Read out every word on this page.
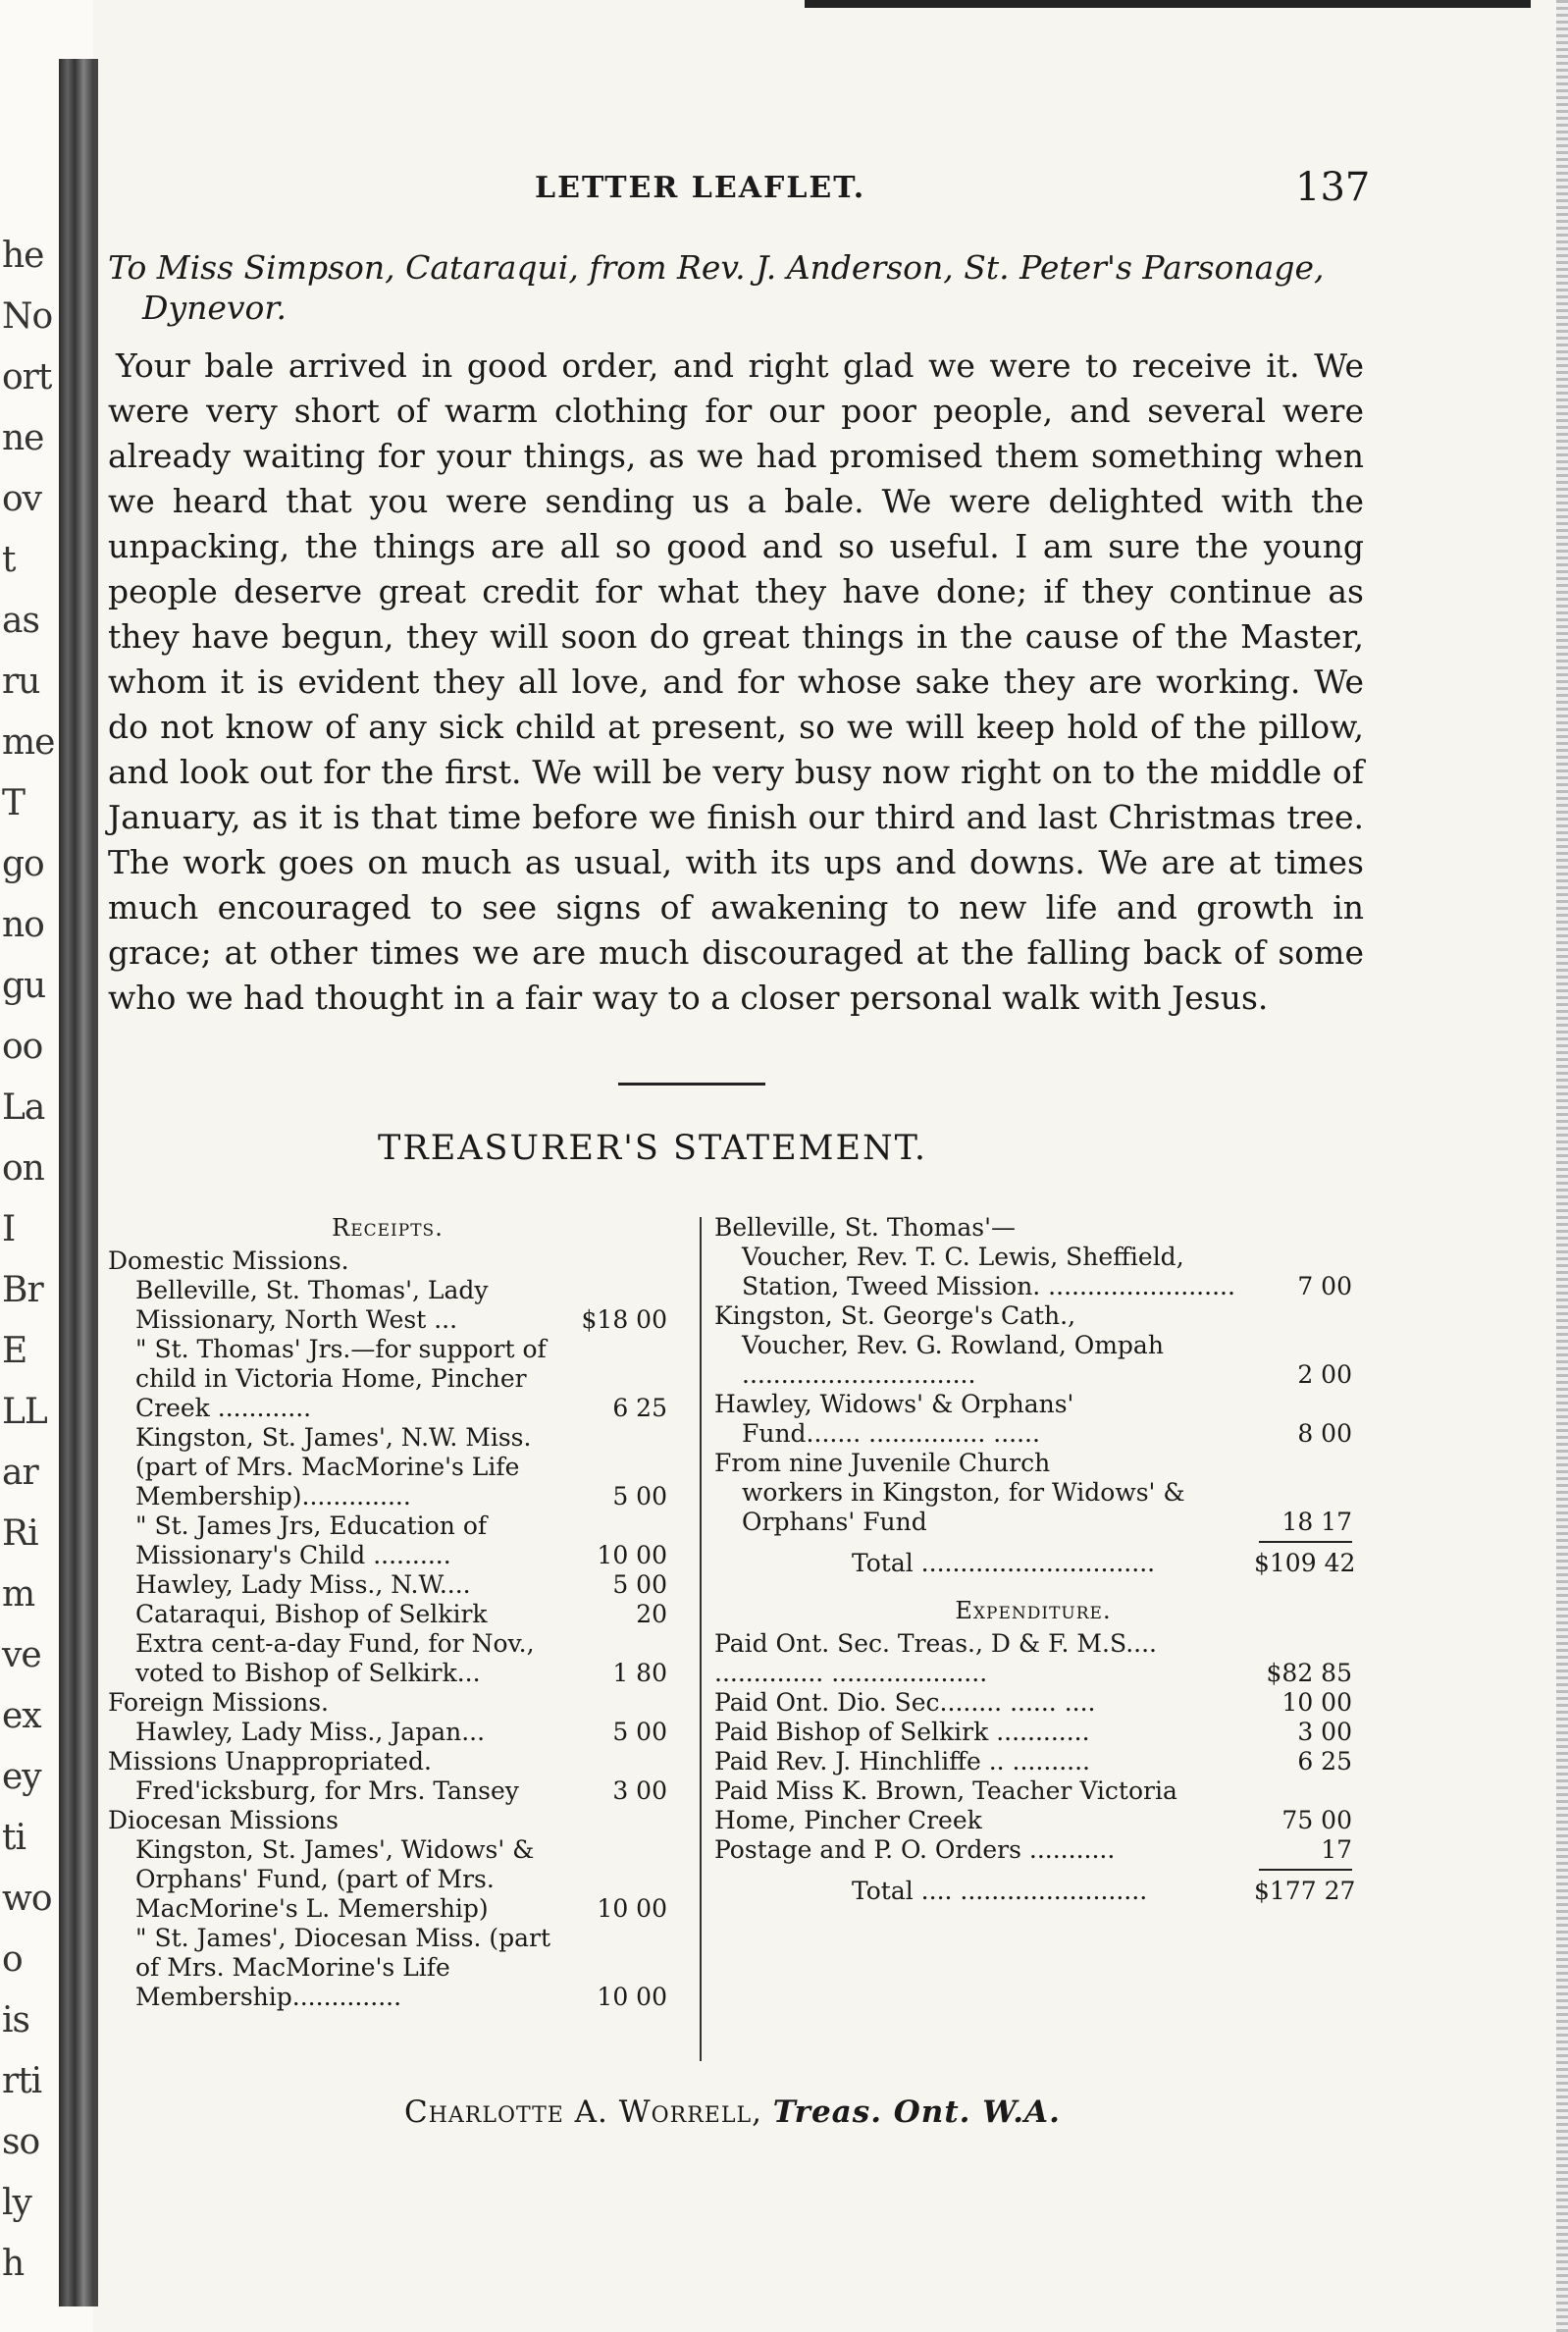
he
No
ort
ne
ov
t
as
ru
me
T
go
no
gu
oo
La
on
I
Br
E
LL
ar
Ri
m
ve
ex
ey
ti
wo
o
is
rti
so
ly
h
LETTER LEAFLET.	137

To Miss Simpson, Cataraqui, from Rev. J. Anderson, St. Peter's Parsonage, Dynevor.

Your bale arrived in good order, and right glad we were to receive it. We were very short of warm clothing for our poor people, and several were already waiting for your things, as we had promised them something when we heard that you were sending us a bale. We were delighted with the unpacking, the things are all so good and so useful. I am sure the young people deserve great credit for what they have done; if they continue as they have begun, they will soon do great things in the cause of the Master, whom it is evident they all love, and for whose sake they are working. We do not know of any sick child at present, so we will keep hold of the pillow, and look out for the first. We will be very busy now right on to the middle of January, as it is that time before we finish our third and last Christmas tree. The work goes on much as usual, with its ups and downs. We are at times much encouraged to see signs of awakening to new life and growth in grace; at other times we are much discouraged at the falling back of some who we had thought in a fair way to a closer personal walk with Jesus.

TREASURER'S STATEMENT.
Receipts.

Domestic Missions.

Belleville, St. Thomas', Lady Missionary, North West ...	$18 00

" St. Thomas' Jrs.—for support of child in Victoria Home, Pincher Creek ............	6 25

Kingston, St. James', N.W. Miss. (part of Mrs. MacMorine's Life Membership)..............	5 00

" St. James Jrs, Education of Missionary's Child ..........	10 00

Hawley, Lady Miss., N.W....	5 00

Cataraqui, Bishop of Selkirk	20

Extra cent-a-day Fund, for Nov., voted to Bishop of Selkirk...	1 80

Foreign Missions.

Hawley, Lady Miss., Japan...	5 00

Missions Unappropriated.

Fred'icksburg, for Mrs. Tansey	3 00

Diocesan Missions

Kingston, St. James', Widows' & Orphans' Fund, (part of Mrs. MacMorine's L. Memership)	10 00

" St. James', Diocesan Miss. (part of Mrs. MacMorine's Life Membership..............	10 00

Belleville, St. Thomas'—

Voucher, Rev. T. C. Lewis, Sheffield, Station, Tweed Mission. ........................	7 00

Kingston, St. George's Cath.,

Voucher, Rev. G. Rowland, Ompah ..............................	2 00

Hawley, Widows' & Orphans'

Fund....... ............... ......	8 00

From nine Juvenile Church

workers in Kingston, for Widows' & Orphans' Fund	18 17

Total ..............................	$109 42

Expenditure.

Paid Ont. Sec. Treas., D & F. M.S.... .............. ....................	$82 85

Paid Ont. Dio. Sec........ ...... ....	10 00

Paid Bishop of Selkirk ............	3 00

Paid Rev. J. Hinchliffe .. ..........	6 25

Paid Miss K. Brown, Teacher Victoria Home, Pincher Creek	75 00

Postage and P. O. Orders ...........	17

Total .... ........................	$177 27

Charlotte A. Worrell, Treas. Ont. W.A.
